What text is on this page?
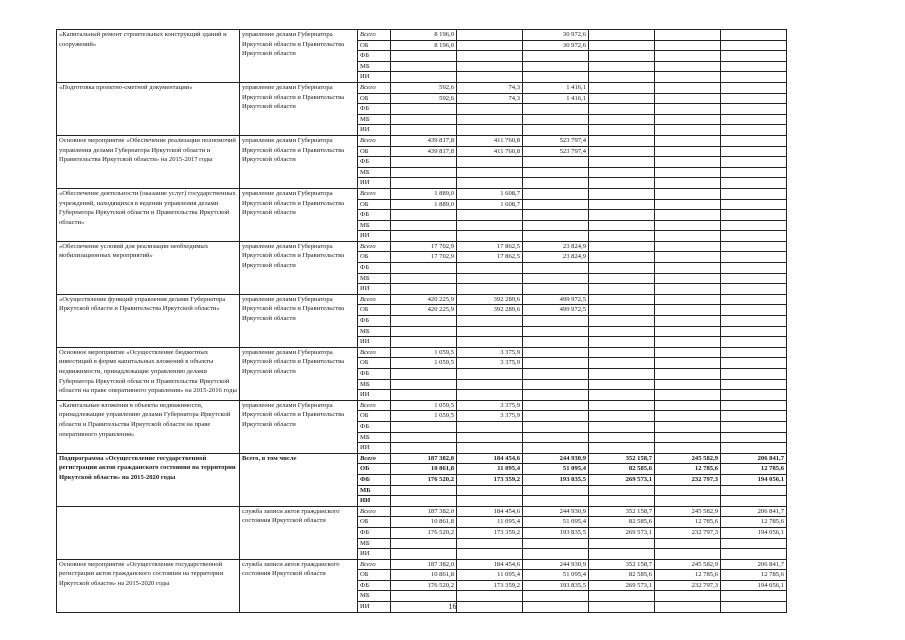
«Капитальный ремонт строительных конструкций зданий и сооружений»	управление делами Губернатора Иркутской области и Правительства Иркутской области	Всего	8 196,0		30 972,6			
		ОБ	8 196,0		30 972,6			
		ФБ						
		МБ						
		ИИ						
«Подготовка проектно-сметной документации»	управление делами Губернатора Иркутской области и Правительства Иркутской области	Всего	592,6	74,3	1 416,1			
		ОБ	592,6	74,3	1 416,1			
		ФБ						
		МБ						
		ИИ						
Основное мероприятие «Обеспечение реализации полномочий управления делами Губернатора Иркутской области и Правительства Иркутской области» на 2015-2017 годы	управление делами Губернатора Иркутской области и Правительства Иркутской области	Всего	439 817,8	411 760,8	523 797,4			
		ОБ	439 817,8	411 760,8	523 797,4			
		ФБ						
		МБ						
		ИИ						
«Обеспечение деятельности (оказание услуг) государственных учреждений, находящихся в ведении управления делами Губернатора Иркутской области и Правительства Иркутской области»	управление делами Губернатора Иркутской области и Правительства Иркутской области	Всего	1 889,0	1 608,7				
		ОБ	1 889,0	1 608,7				
		ФБ						
		МБ						
		ИИ						
«Обеспечение условий для реализации необходимых мобилизационных мероприятий»	управление делами Губернатора Иркутской области и Правительства Иркутской области	Всего	17 702,9	17 862,5	23 824,9			
		ОБ	17 702,9	17 862,5	23 824,9			
		ФБ						
		МБ						
		ИИ						
«Осуществление функций управления делами Губернатора Иркутской области и Правительства Иркутской области»	управление делами Губернатора Иркутской области и Правительства Иркутской области	Всего	420 225,9	392 289,6	499 972,5			
		ОБ	420 225,9	392 289,6	499 972,5			
		ФБ						
		МБ						
		ИИ						
Основное мероприятие «Осуществление бюджетных инвестиций в форме капитальных вложений в объекты недвижимости, принадлежащие управлению делами Губернатора Иркутской области и Правительства Иркутской области на праве оперативного управления» на 2015-2016 годы	управление делами Губернатора Иркутской области и Правительства Иркутской области	Всего	1 059,5	3 375,9				
		ОБ	1 059,5	3 375,9				
		ФБ						
		МБ						
		ИИ						
«Капитальные вложения в объекты недвижимости, принадлежащие управлению делами Губернатора Иркутской области и Правительства Иркутской области на праве оперативного управления»	управление делами Губернатора Иркутской области и Правительства Иркутской области	Всего	1 059,5	3 375,9				
		ОБ	1 059,5	3 375,9				
		ФБ						
		МБ						
		ИИ						
Подпрограмма «Осуществление государственной регистрации актов гражданского состояния на территории Иркутской области» на 2015-2020 годы	Всего, в том числе	Всего	187 382,0	184 454,6	244 930,9	352 158,7	245 582,9	206 841,7
		ОБ	10 861,8	11 095,4	51 095,4	82 585,6	12 785,6	12 785,6
		ФБ	176 520,2	173 359,2	193 835,5	269 573,1	232 797,3	194 056,1
		МБ						
		ИИ						
	служба записи актов гражданского состояния Иркутской области	Всего	187 382,0	184 454,6	244 930,9	352 158,7	245 582,9	206 841,7
		ОБ	10 861,8	11 095,4	51 095,4	82 585,6	12 785,6	12 785,6
		ФБ	176 520,2	173 359,2	193 835,5	269 573,1	232 797,3	194 056,1
		МБ						
		ИИ						
Основное мероприятие «Осуществление государственной регистрации актов гражданского состояния на территории Иркутской области» на 2015-2020 годы	служба записи актов гражданского состояния Иркутской области	Всего	187 382,0	184 454,6	244 930,9	352 158,7	245 582,9	206 841,7
		ОБ	10 861,8	11 095,4	51 095,4	82 585,6	12 785,6	12 785,6
		ФБ	176 520,2	173 359,2	193 835,5	269 573,1	232 797,3	194 056,1
		МБ						
		ИИ							16
